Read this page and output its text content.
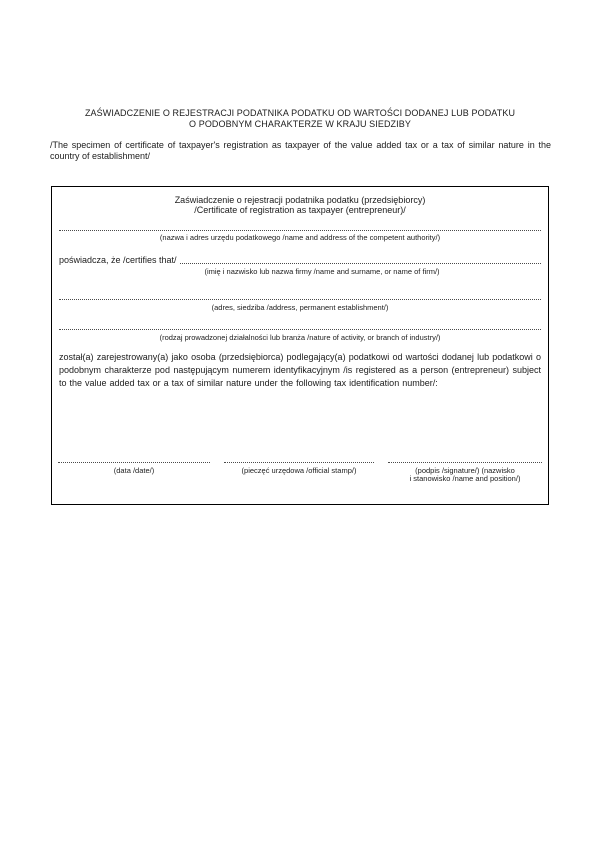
ZAŚWIADCZENIE O REJESTRACJI PODATNIKA PODATKU OD WARTOŚCI DODANEJ LUB PODATKU
O PODOBNYM CHARAKTERZE W KRAJU SIEDZIBY

/The specimen of certificate of taxpayer's registration as taxpayer of the value added tax or a tax of similar nature in the country of establishment/

Zaświadczenie o rejestracji podatnika podatku (przedsiębiorcy)
/Certificate of registration as taxpayer (entrepreneur)/
(nazwa i adres urzędu podatkowego /name and address of the competent authority/)
poświadcza, że /certifies that/
(imię i nazwisko lub nazwa firmy /name and surname, or name of firm/)
(adres, siedziba /address, permanent establishment/)
(rodzaj prowadzonej działalności lub branża /nature of activity, or branch of industry/)

został(a) zarejestrowany(a) jako osoba (przedsiębiorca) podlegający(a) podatkowi od wartości dodanej lub podatkowi o podobnym charakterze pod następującym numerem identyfikacyjnym /is registered as a person (entrepreneur) subject to the value added tax or a tax of similar nature under the following tax identification number/:

(data /date/)	(pieczęć urzędowa /official stamp/)	(podpis /signature/) (nazwisko
i stanowisko /name and position/)
